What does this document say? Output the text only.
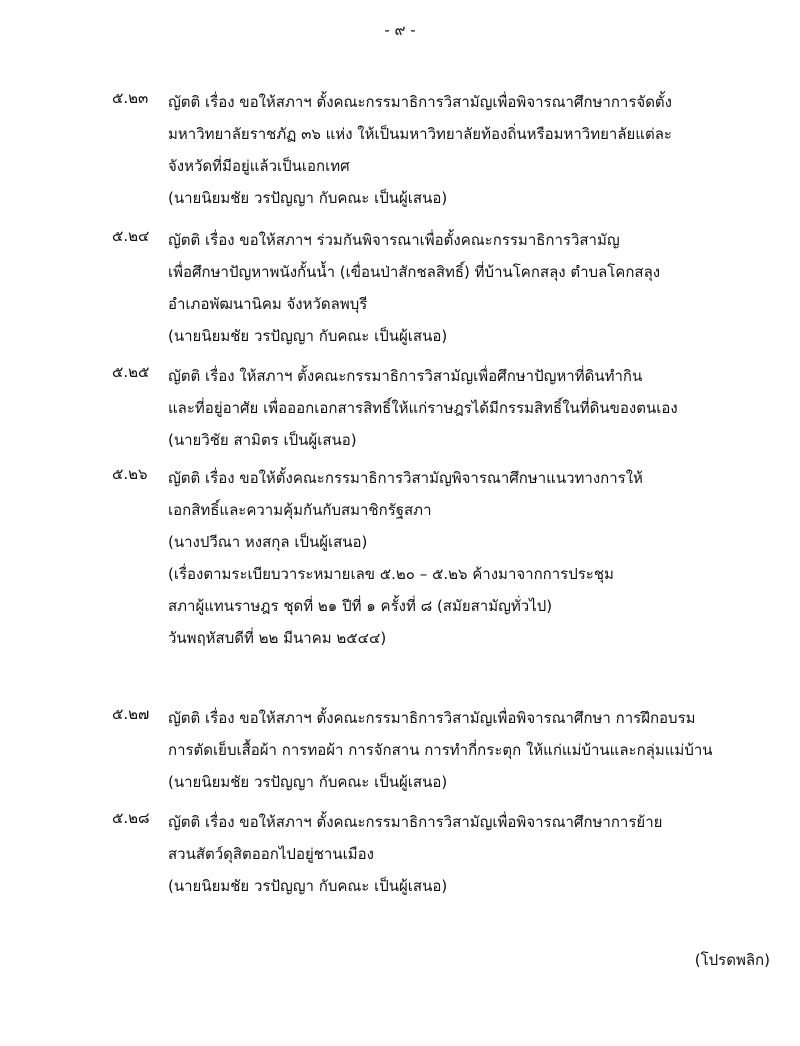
- ๙ -
๕.๒๓ ญัตติ เรื่อง ขอให้สภาฯ ตั้งคณะกรรมาธิการวิสามัญเพื่อพิจารณาศึกษาการจัดตั้ง
มหาวิทยาลัยราชภัฏ ๓๖ แห่ง ให้เป็นมหาวิทยาลัยท้องถิ่นหรือมหาวิทยาลัยแต่ละ
จังหวัดที่มีอยู่แล้วเป็นเอกเทศ
(นายนิยมชัย วรปัญญา กับคณะ เป็นผู้เสนอ)
๕.๒๔ ญัตติ เรื่อง ขอให้สภาฯ ร่วมกันพิจารณาเพื่อตั้งคณะกรรมาธิการวิสามัญ
เพื่อศึกษาปัญหาพนังกั้นน้ำ (เขื่อนป่าสักชลสิทธิ์) ที่บ้านโคกสลุง ตำบลโคกสลุง
อำเภอพัฒนานิคม จังหวัดลพบุรี
(นายนิยมชัย วรปัญญา กับคณะ เป็นผู้เสนอ)
๕.๒๕ ญัตติ เรื่อง ให้สภาฯ ตั้งคณะกรรมาธิการวิสามัญเพื่อศึกษาปัญหาที่ดินทำกิน
และที่อยู่อาศัย เพื่อออกเอกสารสิทธิ์ให้แก่ราษฎรได้มีกรรมสิทธิ์ในที่ดินของตนเอง
(นายวิชัย สามิตร เป็นผู้เสนอ)
๕.๒๖ ญัตติ เรื่อง ขอให้ตั้งคณะกรรมาธิการวิสามัญพิจารณาศึกษาแนวทางการให้
เอกสิทธิ์และความคุ้มกันกับสมาชิกรัฐสภา
(นางปวีณา หงสกุล เป็นผู้เสนอ)
(เรื่องตามระเบียบวาระหมายเลข ๕.๒๐ – ๕.๒๖ ค้างมาจากการประชุม
สภาผู้แทนราษฎร ชุดที่ ๒๑ ปีที่ ๑ ครั้งที่ ๘ (สมัยสามัญทั่วไป)
วันพฤหัสบดีที่ ๒๒ มีนาคม ๒๕๔๔)
๕.๒๗ ญัตติ เรื่อง ขอให้สภาฯ ตั้งคณะกรรมาธิการวิสามัญเพื่อพิจารณาศึกษา การฝึกอบรม
การตัดเย็บเสื้อผ้า การทอผ้า การจักสาน การทำกี่กระตุก ให้แก่แม่บ้านและกลุ่มแม่บ้าน
(นายนิยมชัย วรปัญญา กับคณะ เป็นผู้เสนอ)
๕.๒๘ ญัตติ เรื่อง ขอให้สภาฯ ตั้งคณะกรรมาธิการวิสามัญเพื่อพิจารณาศึกษาการย้าย
สวนสัตว์ดุสิตออกไปอยู่ชานเมือง
(นายนิยมชัย วรปัญญา กับคณะ เป็นผู้เสนอ)
(โปรดพลิก)
